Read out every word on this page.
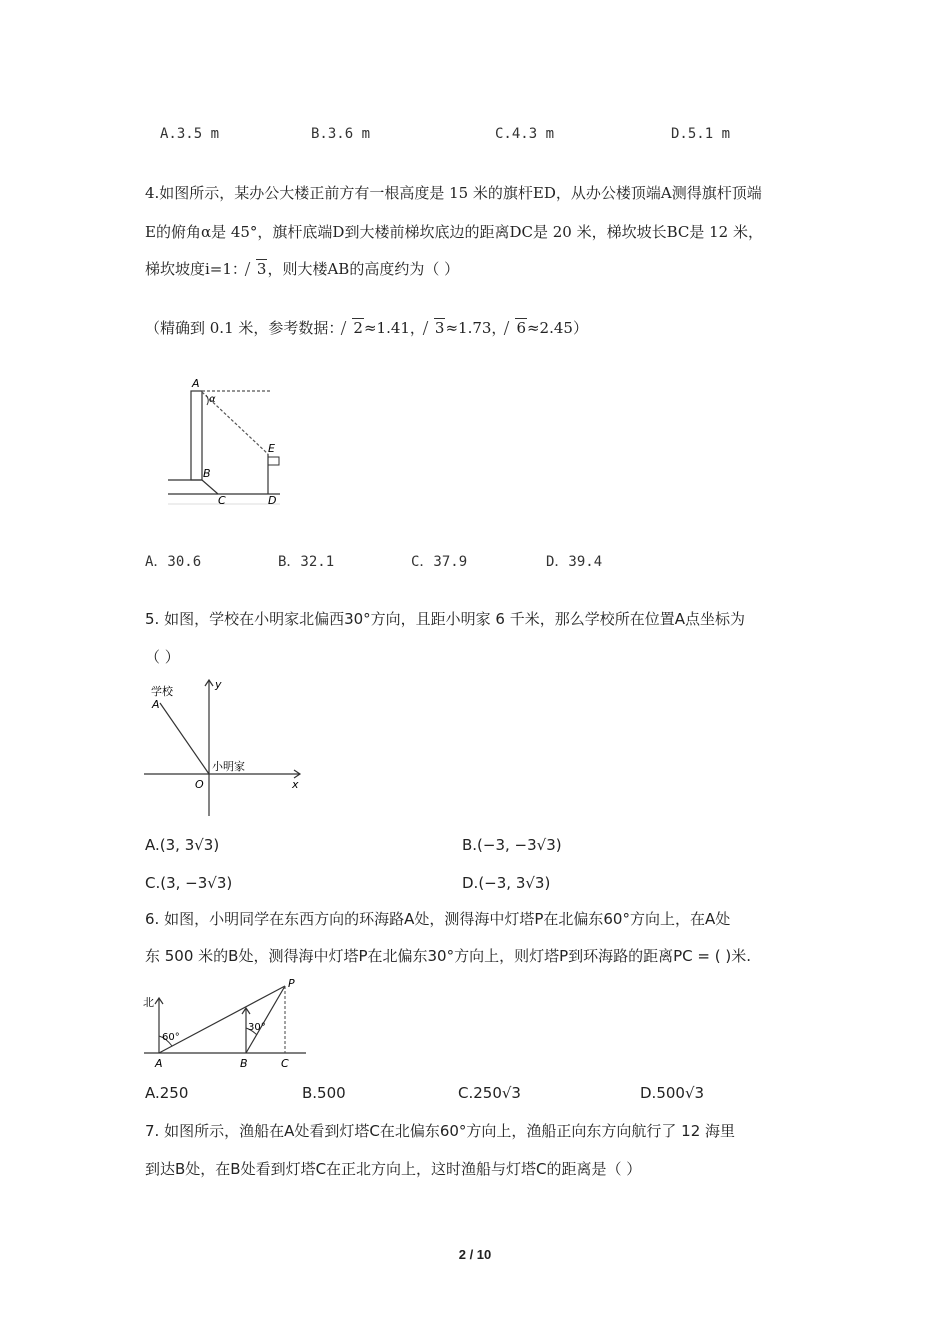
A.3.5 m	B.3.6 m	C.4.3 m	D.5.1 m
4.如图所示，某办公大楼正前方有一根高度是 15 米的旗杆ED，从办公楼顶端A测得旗杆顶端
E的俯角α是 45°，旗杆底端D到大楼前梯坎底边的距离DC是 20 米，梯坎坡长BC是 12 米，
梯坎坡度i=1： 3，则大楼AB的高度约为（ ）
（精确到 0.1 米，参考数据： 2≈1.41， 3≈1.73， 6≈2.45）
A
α
E
B
C	D
A．30.6	B．32.1	C．37.9	D．39.4
5. 如图，学校在小明家北偏西30°方向，且距小明家 6 千米，那么学校所在位置A点坐标为
（ ）
学校
A
y
小明家
O	x
A.(3, 3√3)	B.(−3, −3√3)
C.(3, −3√3)	D.(−3, 3√3)
6. 如图，小明同学在东西方向的环海路A处，测得海中灯塔P在北偏东60°方向上，在A处
东 500 米的B处，测得海中灯塔P在北偏东30°方向上，则灯塔P到环海路的距离PC = ( )米.
北
60°
30°
P
A	B	C
A.250	B.500	C.250√3	D.500√3
7. 如图所示，渔船在A处看到灯塔C在北偏东60°方向上，渔船正向东方向航行了 12 海里
到达B处，在B处看到灯塔C在正北方向上，这时渔船与灯塔C的距离是（ ）
2 / 10
